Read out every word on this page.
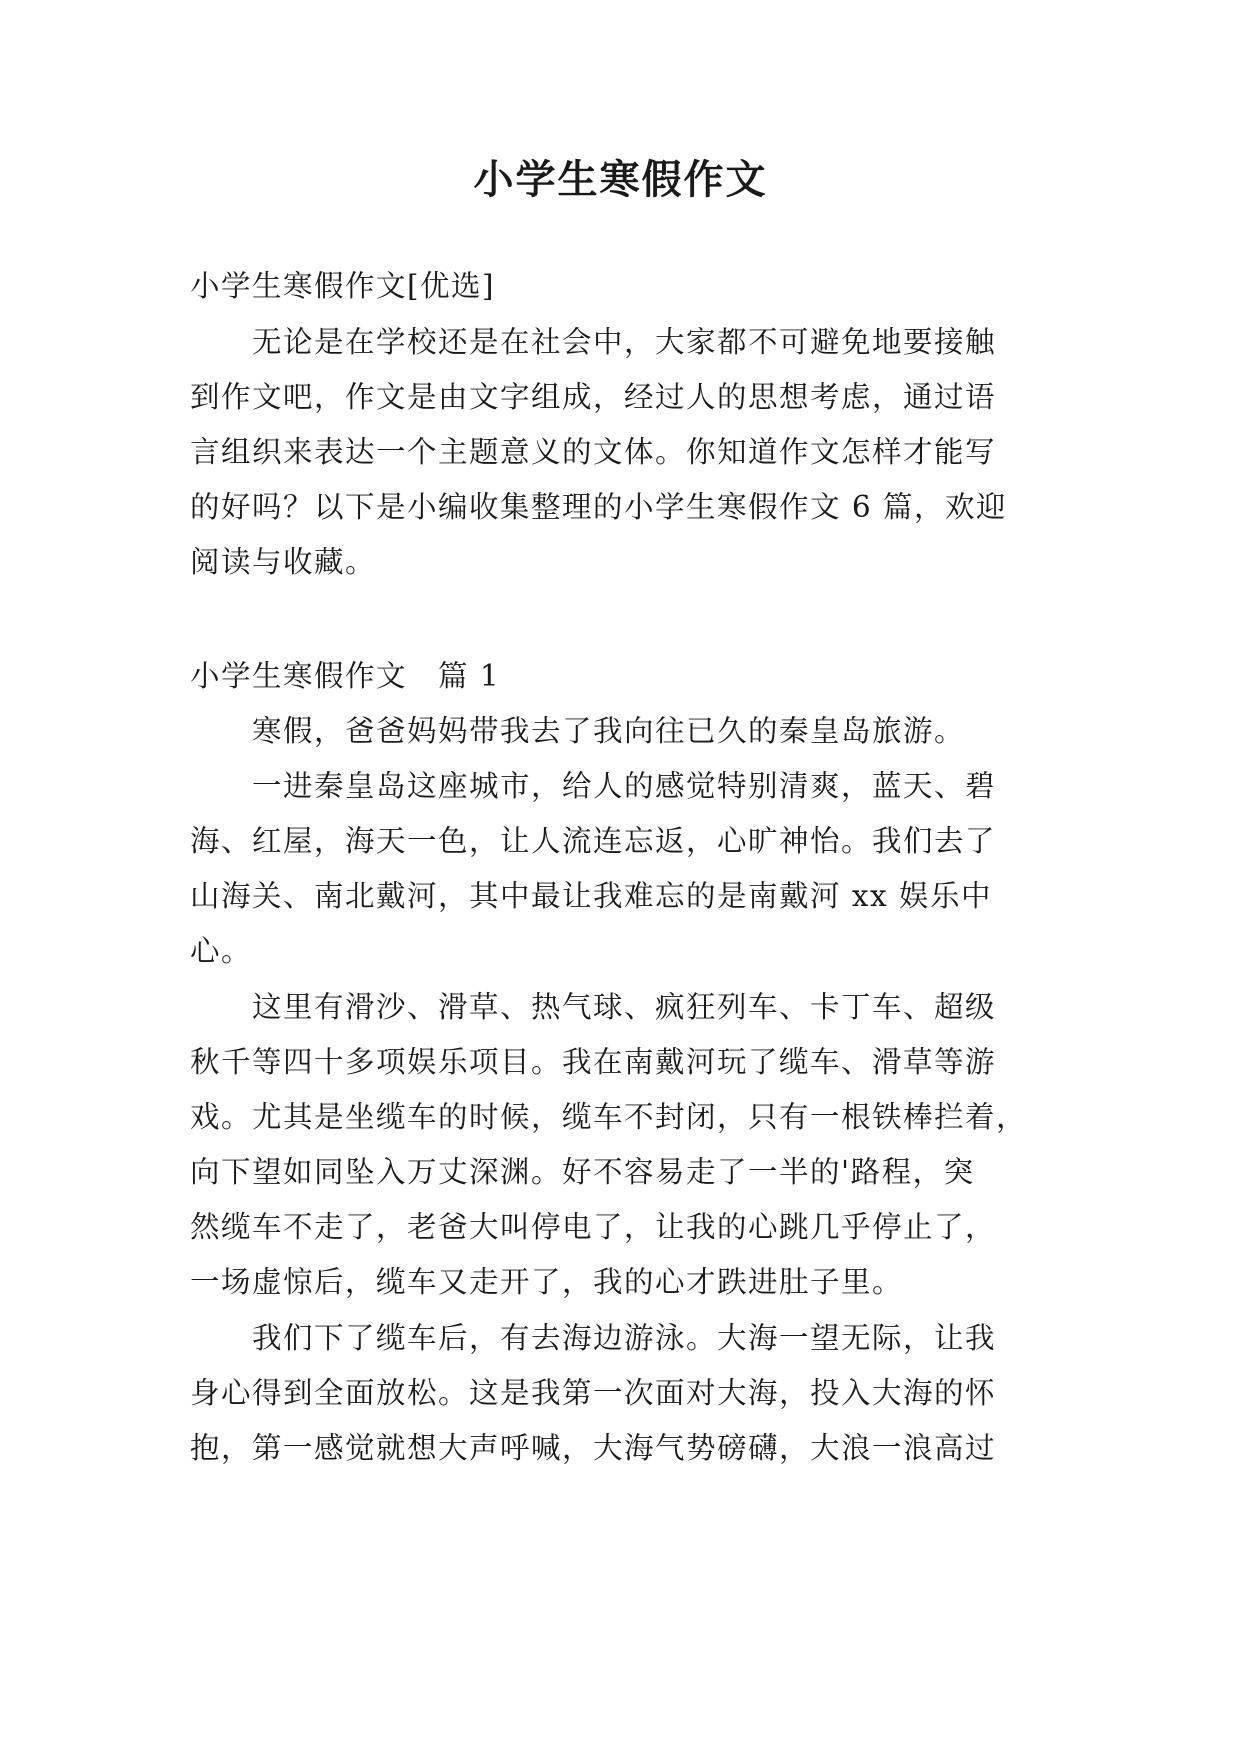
小学生寒假作文
小学生寒假作文[优选]
　　无论是在学校还是在社会中，大家都不可避免地要接触
到作文吧，作文是由文字组成，经过人的思想考虑，通过语
言组织来表达一个主题意义的文体。你知道作文怎样才能写
的好吗？以下是小编收集整理的小学生寒假作文 6 篇，欢迎
阅读与收藏。
小学生寒假作文　篇 1
　　寒假，爸爸妈妈带我去了我向往已久的秦皇岛旅游。
　　一进秦皇岛这座城市，给人的感觉特别清爽，蓝天、碧
海、红屋，海天一色，让人流连忘返，心旷神怡。我们去了
山海关、南北戴河，其中最让我难忘的是南戴河 xx 娱乐中
心。
　　这里有滑沙、滑草、热气球、疯狂列车、卡丁车、超级
秋千等四十多项娱乐项目。我在南戴河玩了缆车、滑草等游
戏。尤其是坐缆车的时候，缆车不封闭，只有一根铁棒拦着，
向下望如同坠入万丈深渊。好不容易走了一半的'路程，突
然缆车不走了，老爸大叫停电了，让我的心跳几乎停止了，
一场虚惊后，缆车又走开了，我的心才跌进肚子里。
　　我们下了缆车后，有去海边游泳。大海一望无际，让我
身心得到全面放松。这是我第一次面对大海，投入大海的怀
抱，第一感觉就想大声呼喊，大海气势磅礴，大浪一浪高过
